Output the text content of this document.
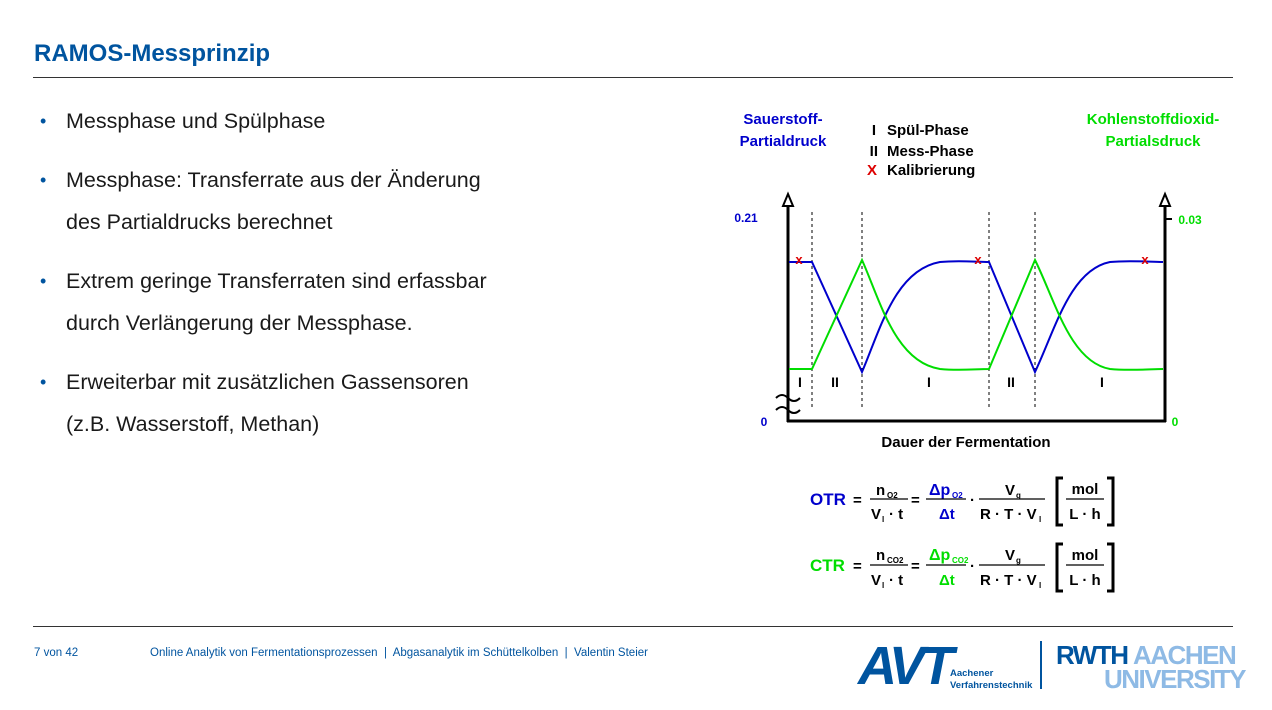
RAMOS-Messprinzip
• Messphase und Spülphase
• Messphase: Transferrate aus der Änderung
des Partialdrucks berechnet
• Extrem geringe Transferraten sind erfassbar
durch Verlängerung der Messphase.
• Erweiterbar mit zusätzlichen Gassensoren
(z.B. Wasserstoff, Methan)
Sauerstoff-
Partialdruck
Kohlenstoffdioxid-
Partialsdruck
I Spül-Phase
II Mess-Phase
X Kalibrierung
0.21
0
0.03
0
x	x	x
I II	I	II	I
Dauer der Fermentation
OTR =
n O2
V l · t
=
Δp O2
Δt
·
V g
R · T · V l
mol
L · h
CTR =
n CO2
V l · t
=
Δp CO2
Δt
·
V g
R · T · V l
mol
L · h
AVT Aachener
Verfahrenstechnik
RWTH AACHEN
UNIVERSITY
7 von 42	Online Analytik von Fermentationsprozessen  |  Abgasanalytik im Schüttelkolben  |  Valentin Steier
